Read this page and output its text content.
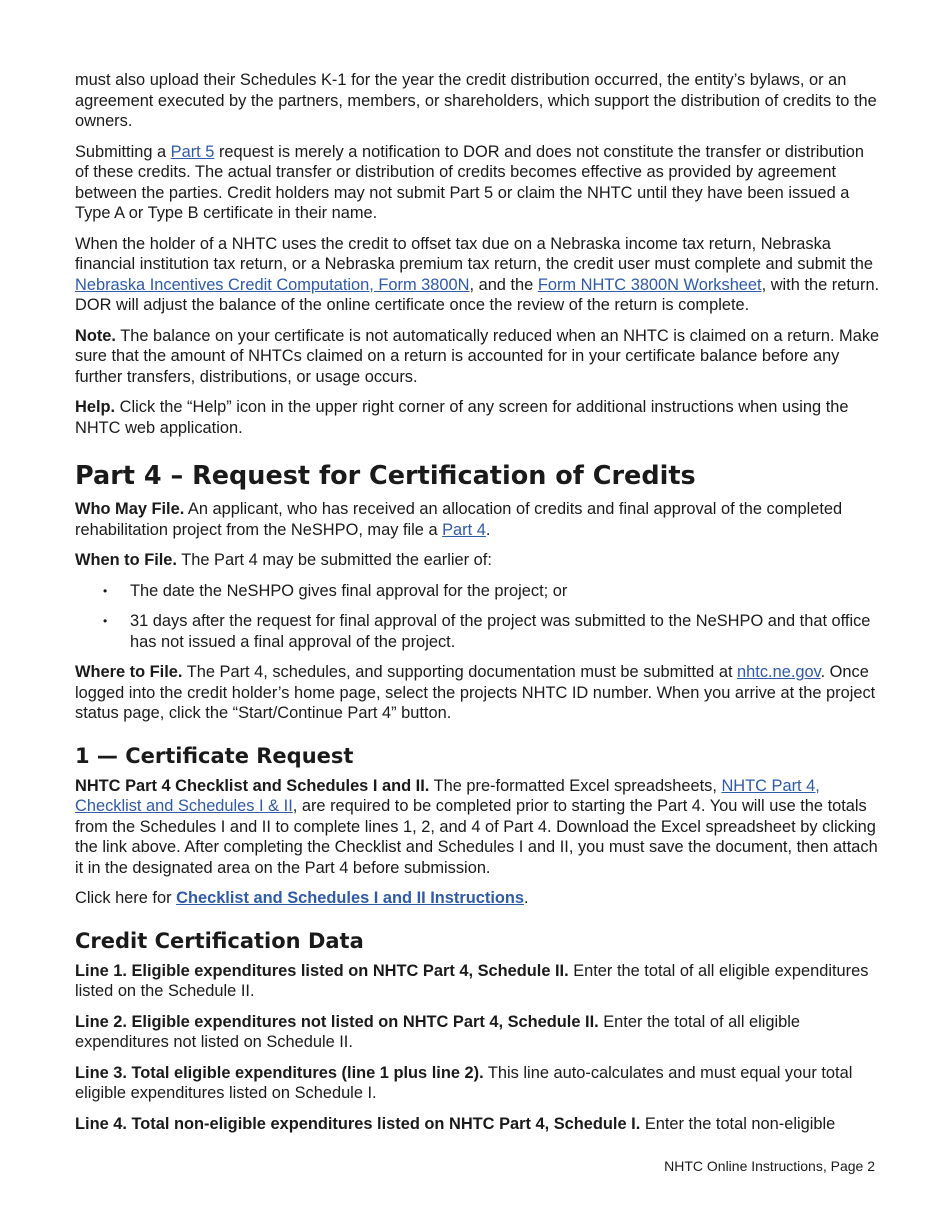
must also upload their Schedules K-1 for the year the credit distribution occurred, the entity’s bylaws, or an agreement executed by the partners, members, or shareholders, which support the distribution of credits to the owners.

Submitting a Part 5 request is merely a notification to DOR and does not constitute the transfer or distribution of these credits. The actual transfer or distribution of credits becomes effective as provided by agreement between the parties. Credit holders may not submit Part 5 or claim the NHTC until they have been issued a Type A or Type B certificate in their name.

When the holder of a NHTC uses the credit to offset tax due on a Nebraska income tax return, Nebraska financial institution tax return, or a Nebraska premium tax return, the credit user must complete and submit the Nebraska Incentives Credit Computation, Form 3800N, and the Form NHTC 3800N Worksheet, with the return. DOR will adjust the balance of the online certificate once the review of the return is complete.

Note. The balance on your certificate is not automatically reduced when an NHTC is claimed on a return. Make sure that the amount of NHTCs claimed on a return is accounted for in your certificate balance before any further transfers, distributions, or usage occurs.

Help. Click the “Help” icon in the upper right corner of any screen for additional instructions when using the NHTC web application.

Part 4 – Request for Certification of Credits

Who May File. An applicant, who has received an allocation of credits and final approval of the completed rehabilitation project from the NeSHPO, may file a Part 4.

When to File. The Part 4 may be submitted the earlier of:

• The date the NeSHPO gives final approval for the project; or
• 31 days after the request for final approval of the project was submitted to the NeSHPO and that office has not issued a final approval of the project.

Where to File. The Part 4, schedules, and supporting documentation must be submitted at nhtc.ne.gov. Once logged into the credit holder’s home page, select the projects NHTC ID number. When you arrive at the project status page, click the “Start/Continue Part 4” button.

1 — Certificate Request

NHTC Part 4 Checklist and Schedules I and II. The pre-formatted Excel spreadsheets, NHTC Part 4, Checklist and Schedules I & II, are required to be completed prior to starting the Part 4. You will use the totals from the Schedules I and II to complete lines 1, 2, and 4 of Part 4. Download the Excel spreadsheet by clicking the link above. After completing the Checklist and Schedules I and II, you must save the document, then attach it in the designated area on the Part 4 before submission.

Click here for Checklist and Schedules I and II Instructions.

Credit Certification Data

Line 1. Eligible expenditures listed on NHTC Part 4, Schedule II. Enter the total of all eligible expenditures listed on the Schedule II.

Line 2. Eligible expenditures not listed on NHTC Part 4, Schedule II. Enter the total of all eligible expenditures not listed on Schedule II.

Line 3. Total eligible expenditures (line 1 plus line 2). This line auto-calculates and must equal your total eligible expenditures listed on Schedule I.

Line 4. Total non-eligible expenditures listed on NHTC Part 4, Schedule I. Enter the total non-eligible

NHTC Online Instructions, Page 2
